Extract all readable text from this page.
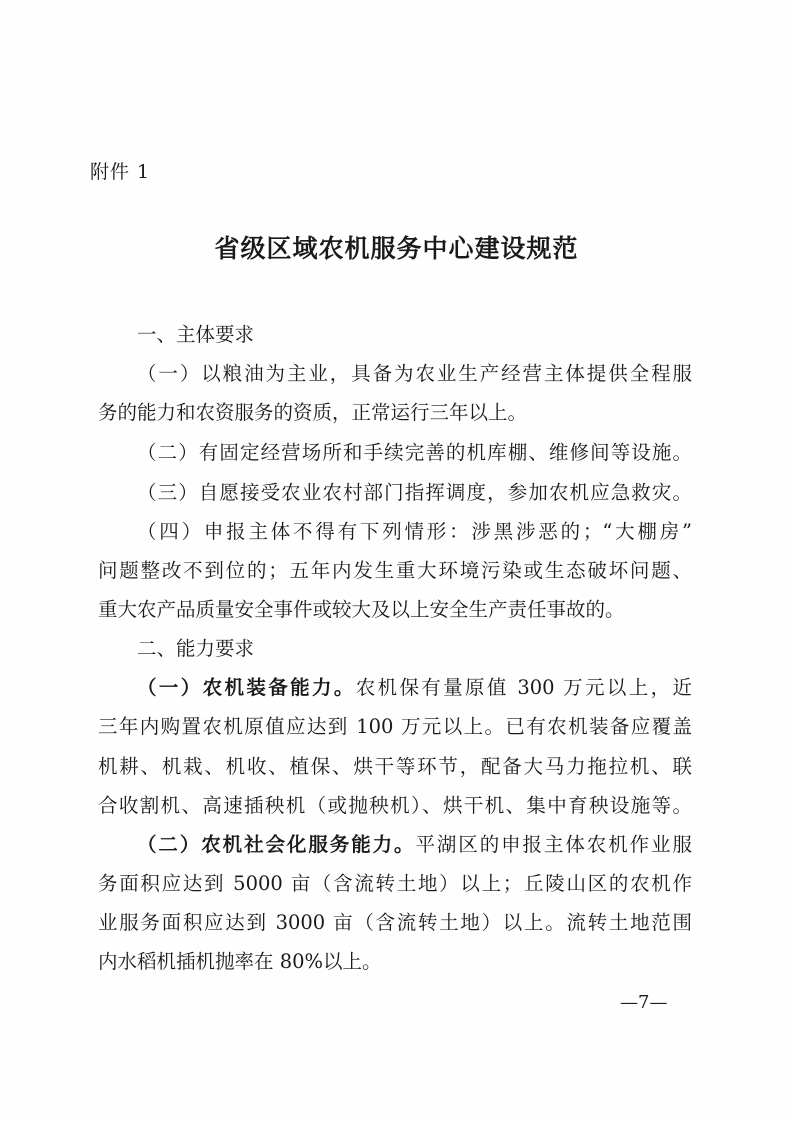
附件 1
省级区域农机服务中心建设规范
一、主体要求
（一）以粮油为主业，具备为农业生产经营主体提供全程服
务的能力和农资服务的资质，正常运行三年以上。
（二）有固定经营场所和手续完善的机库棚、维修间等设施。
（三）自愿接受农业农村部门指挥调度，参加农机应急救灾。
（四）申报主体不得有下列情形：涉黑涉恶的；“大棚房”
问题整改不到位的；五年内发生重大环境污染或生态破坏问题、
重大农产品质量安全事件或较大及以上安全生产责任事故的。
二、能力要求
（一）农机装备能力。农机保有量原值 300 万元以上，近
三年内购置农机原值应达到 100 万元以上。已有农机装备应覆盖
机耕、机栽、机收、植保、烘干等环节，配备大马力拖拉机、联
合收割机、高速插秧机（或抛秧机）、烘干机、集中育秧设施等。
（二）农机社会化服务能力。平湖区的申报主体农机作业服
务面积应达到 5000 亩（含流转土地）以上；丘陵山区的农机作
业服务面积应达到 3000 亩（含流转土地）以上。流转土地范围
内水稻机插机抛率在 80%以上。
—7—
